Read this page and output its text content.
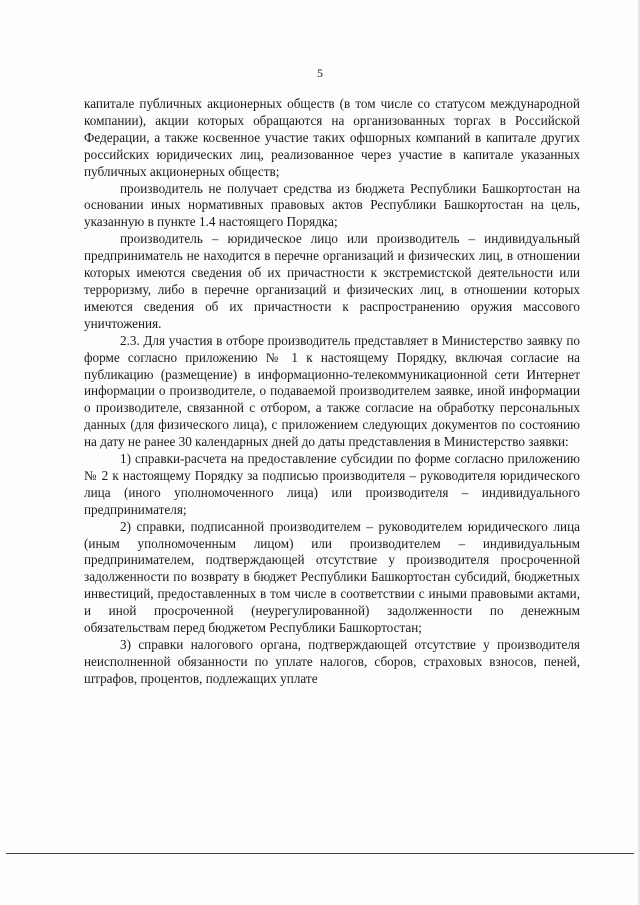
5

капитале публичных акционерных обществ (в том числе со статусом международной компании), акции которых обращаются на организованных торгах в Российской Федерации, а также косвенное участие таких офшорных компаний в капитале других российских юридических лиц, реализованное через участие в капитале указанных публичных акционерных обществ;

производитель не получает средства из бюджета Республики Башкортостан на основании иных нормативных правовых актов Республики Башкортостан на цель, указанную в пункте 1.4 настоящего Порядка;

производитель – юридическое лицо или производитель – индивидуальный предприниматель не находится в перечне организаций и физических лиц, в отношении которых имеются сведения об их причастности к экстремистской деятельности или терроризму, либо в перечне организаций и физических лиц, в отношении которых имеются сведения об их причастности к распространению оружия массового уничтожения.

2.3. Для участия в отборе производитель представляет в Министерство заявку по форме согласно приложению № 1 к настоящему Порядку, включая согласие на публикацию (размещение) в информационно-телекоммуникационной сети Интернет информации о производителе, о подаваемой производителем заявке, иной информации о производителе, связанной с отбором, а также согласие на обработку персональных данных (для физического лица), с приложением следующих документов по состоянию на дату не ранее 30 календарных дней до даты представления в Министерство заявки:

1) справки-расчета на предоставление субсидии по форме согласно приложению № 2 к настоящему Порядку за подписью производителя – руководителя юридического лица (иного уполномоченного лица) или производителя – индивидуального предпринимателя;

2) справки, подписанной производителем – руководителем юридического лица (иным уполномоченным лицом) или производителем – индивидуальным предпринимателем, подтверждающей отсутствие у производителя просроченной задолженности по возврату в бюджет Республики Башкортостан субсидий, бюджетных инвестиций, предоставленных в том числе в соответствии с иными правовыми актами, и иной просроченной (неурегулированной) задолженности по денежным обязательствам перед бюджетом Республики Башкортостан;

3) справки налогового органа, подтверждающей отсутствие у производителя неисполненной обязанности по уплате налогов, сборов, страховых взносов, пеней, штрафов, процентов, подлежащих уплате
